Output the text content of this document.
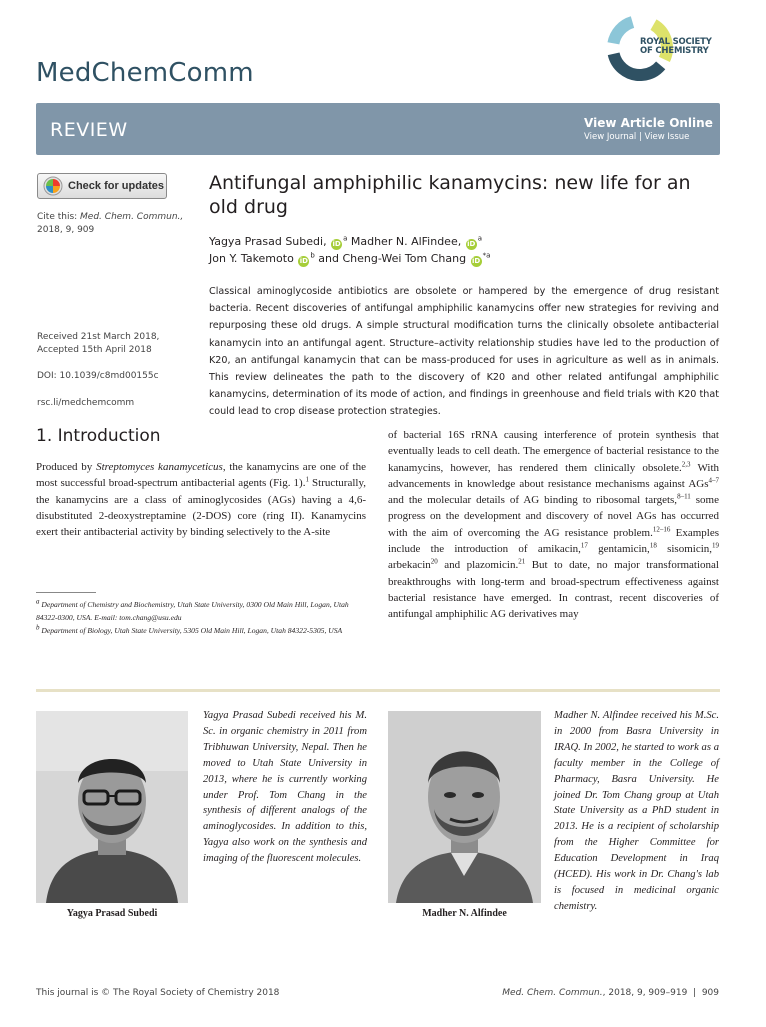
MedChemComm
ROYAL SOCIETY
OF CHEMISTRY
REVIEW	View Article Online
View Journal | View Issue
Check for updates
Cite this: Med. Chem. Commun.,
2018, 9, 909
Received 21st March 2018,
Accepted 15th April 2018
DOI: 10.1039/c8md00155c
rsc.li/medchemcomm
Antifungal amphiphilic kanamycins: new life for an old drug
Yagya Prasad Subedi, $iD^a$ Madher N. AlFindee, $iD^a$
Jon Y. Takemoto $iD^b$ and Cheng-Wei Tom Chang $iD^{*a}$
Classical aminoglycoside antibiotics are obsolete or hampered by the emergence of drug resistant bacteria. Recent discoveries of antifungal amphiphilic kanamycins offer new strategies for reviving and repurposing these old drugs. A simple structural modification turns the clinically obsolete antibacterial kanamycin into an antifungal agent. Structure–activity relationship studies have led to the production of K20, an antifungal kanamycin that can be mass-produced for uses in agriculture as well as in animals. This review delineates the path to the discovery of K20 and other related antifungal amphiphilic kanamycins, determination of its mode of action, and findings in greenhouse and field trials with K20 that could lead to crop disease protection strategies.
1. Introduction
Produced by Streptomyces kanamyceticus, the kanamycins are one of the most successful broad-spectrum antibacterial agents (Fig. 1).$^1$ Structurally, the kanamycins are a class of aminoglycosides (AGs) having a 4,6-disubstituted 2-deoxystreptamine (2-DOS) core (ring II). Kanamycins exert their antibacterial activity by binding selectively to the A-site
$^a$ Department of Chemistry and Biochemistry, Utah State University, 0300 Old Main Hill, Logan, Utah 84322-0300, USA. E-mail: tom.chang@usu.edu
$^b$ Department of Biology, Utah State University, 5305 Old Main Hill, Logan, Utah 84322-5305, USA
of bacterial 16S rRNA causing interference of protein synthesis that eventually leads to cell death. The emergence of bacterial resistance to the kanamycins, however, has rendered them clinically obsolete.$^{2,3}$ With advancements in knowledge about resistance mechanisms against AGs$^{4-7}$ and the molecular details of AG binding to ribosomal targets,$^{8-11}$ some progress on the development and discovery of novel AGs has occurred with the aim of overcoming the AG resistance problem.$^{12-16}$ Examples include the introduction of amikacin,$^{17}$ gentamicin,$^{18}$ sisomicin,$^{19}$ arbekacin$^{20}$ and plazomicin.$^{21}$ But to date, no major transformational breakthroughs with long-term and broad-spectrum effectiveness against bacterial resistance have emerged. In contrast, recent discoveries of antifungal amphiphilic AG derivatives may
Yagya Prasad Subedi
Yagya Prasad Subedi received his M. Sc. in organic chemistry in 2011 from Tribhuwan University, Nepal. Then he moved to Utah State University in 2013, where he is currently working under Prof. Tom Chang in the synthesis of different analogs of the aminoglycosides. In addition to this, Yagya also work on the synthesis and imaging of the fluorescent molecules.
Madher N. Alfindee
Madher N. Alfindee received his M.Sc. in 2000 from Basra University in IRAQ. In 2002, he started to work as a faculty member in the College of Pharmacy, Basra University. He joined Dr. Tom Chang group at Utah State University as a PhD student in 2013. He is a recipient of scholarship from the Higher Committee for Education Development in Iraq (HCED). His work in Dr. Chang's lab is focused in medicinal organic chemistry.
This journal is © The Royal Society of Chemistry 2018	Med. Chem. Commun., 2018, 9, 909–919  |  909
